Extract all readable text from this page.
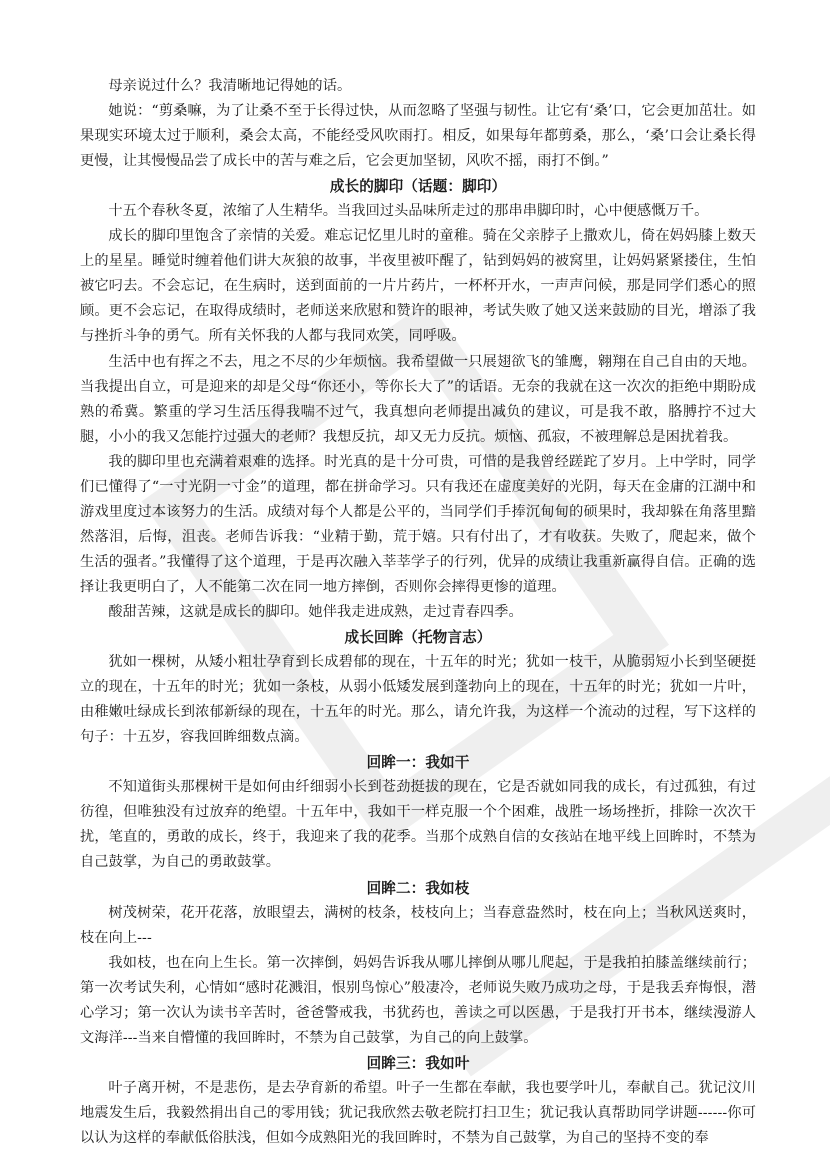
母亲说过什么？我清晰地记得她的话。

她说：“剪桑嘛，为了让桑不至于长得过快，从而忽略了坚强与韧性。让它有‘桑’口，它会更加茁壮。如果现实环境太过于顺利，桑会太高，不能经受风吹雨打。相反，如果每年都剪桑，那么，‘桑’口会让桑长得更慢，让其慢慢品尝了成长中的苦与难之后，它会更加坚韧，风吹不摇，雨打不倒。”

成长的脚印（话题：脚印）

十五个春秋冬夏，浓缩了人生精华。当我回过头品味所走过的那串串脚印时，心中便感慨万千。

成长的脚印里饱含了亲情的关爱。难忘记忆里儿时的童稚。骑在父亲脖子上撒欢儿，倚在妈妈膝上数天上的星星。睡觉时缠着他们讲大灰狼的故事，半夜里被吓醒了，钻到妈妈的被窝里，让妈妈紧紧搂住，生怕被它叼去。不会忘记，在生病时，送到面前的一片片药片，一杯杯开水，一声声问候，那是同学们悉心的照顾。更不会忘记，在取得成绩时，老师送来欣慰和赞许的眼神，考试失败了她又送来鼓励的目光，增添了我与挫折斗争的勇气。所有关怀我的人都与我同欢笑，同呼吸。

生活中也有挥之不去，甩之不尽的少年烦恼。我希望做一只展翅欲飞的雏鹰，翱翔在自己自由的天地。当我提出自立，可是迎来的却是父母“你还小，等你长大了”的话语。无奈的我就在这一次次的拒绝中期盼成熟的希冀。繁重的学习生活压得我喘不过气，我真想向老师提出减负的建议，可是我不敢，胳膊拧不过大腿，小小的我又怎能拧过强大的老师？我想反抗，却又无力反抗。烦恼、孤寂，不被理解总是困扰着我。

我的脚印里也充满着艰难的选择。时光真的是十分可贵，可惜的是我曾经蹉跎了岁月。上中学时，同学们已懂得了“一寸光阴一寸金”的道理，都在拼命学习。只有我还在虚度美好的光阴，每天在金庸的江湖中和游戏里度过本该努力的生活。成绩对每个人都是公平的，当同学们手捧沉甸甸的硕果时，我却躲在角落里黯然落泪，后悔，沮丧。老师告诉我：“业精于勤，荒于嬉。只有付出了，才有收获。失败了，爬起来，做个生活的强者。”我懂得了这个道理，于是再次融入莘莘学子的行列，优异的成绩让我重新赢得自信。正确的选择让我更明白了，人不能第二次在同一地方摔倒，否则你会摔得更惨的道理。

酸甜苦辣，这就是成长的脚印。她伴我走进成熟，走过青春四季。

成长回眸（托物言志）

犹如一棵树，从矮小粗壮孕育到长成碧郁的现在，十五年的时光；犹如一枝干，从脆弱短小长到坚硬挺立的现在，十五年的时光；犹如一条枝，从弱小低矮发展到蓬勃向上的现在，十五年的时光；犹如一片叶，由稚嫩吐绿成长到浓郁新绿的现在，十五年的时光。那么，请允许我，为这样一个流动的过程，写下这样的句子：十五岁，容我回眸细数点滴。

回眸一：我如干

不知道街头那棵树干是如何由纤细弱小长到苍劲挺拔的现在，它是否就如同我的成长，有过孤独，有过彷徨，但唯独没有过放弃的绝望。十五年中，我如干一样克服一个个困难，战胜一场场挫折，排除一次次干扰，笔直的，勇敢的成长，终于，我迎来了我的花季。当那个成熟自信的女孩站在地平线上回眸时，不禁为自己鼓掌，为自己的勇敢鼓掌。

回眸二：我如枝

树茂树荣，花开花落，放眼望去，满树的枝条，枝枝向上；当春意盎然时，枝在向上；当秋风送爽时，枝在向上---

我如枝，也在向上生长。第一次摔倒，妈妈告诉我从哪儿摔倒从哪儿爬起，于是我拍拍膝盖继续前行；第一次考试失利，心情如“感时花溅泪，恨别鸟惊心”般凄冷，老师说失败乃成功之母，于是我丢弃悔恨，潜心学习；第一次认为读书辛苦时，爸爸警戒我，书犹药也，善读之可以医愚，于是我打开书本，继续漫游人文海洋---当来自懵懂的我回眸时，不禁为自己鼓掌，为自己的向上鼓掌。

回眸三：我如叶

叶子离开树，不是悲伤，是去孕育新的希望。叶子一生都在奉献，我也要学叶儿，奉献自己。犹记汶川地震发生后，我毅然捐出自己的零用钱；犹记我欣然去敬老院打扫卫生；犹记我认真帮助同学讲题------你可以认为这样的奉献低俗肤浅，但如今成熟阳光的我回眸时，不禁为自己鼓掌，为自己的坚持不变的奉
